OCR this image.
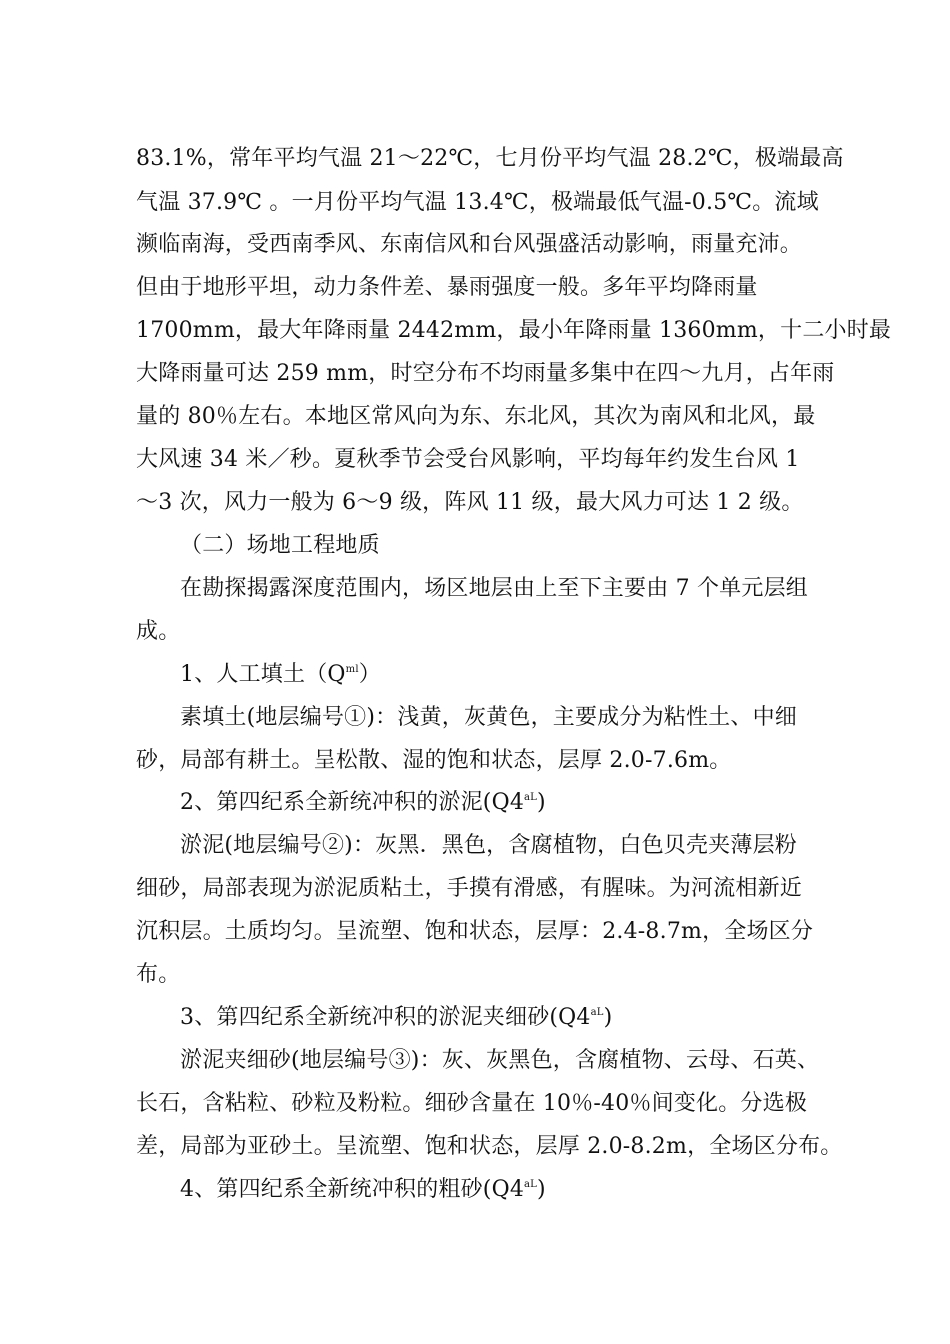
83.1%，常年平均气温 21～22℃，七月份平均气温 28.2℃，极端最高
气温 37.9℃ 。一月份平均气温 13.4℃，极端最低气温-0.5℃。流域
濒临南海，受西南季风、东南信风和台风强盛活动影响，雨量充沛。
但由于地形平坦，动力条件差、暴雨强度一般。多年平均降雨量
1700mm，最大年降雨量 2442mm，最小年降雨量 1360mm，十二小时最
大降雨量可达 259 mm，时空分布不均雨量多集中在四～九月，占年雨
量的 80％左右。本地区常风向为东、东北风，其次为南风和北风，最
大风速 34 米／秒。夏秋季节会受台风影响，平均每年约发生台风 1
～3 次，风力一般为 6～9 级，阵风 11 级，最大风力可达 1 2 级。
（二）场地工程地质
在勘探揭露深度范围内，场区地层由上至下主要由 7 个单元层组
成。
1、人工填土$(Q^{ml})$
素填土(地层编号①)：浅黄，灰黄色，主要成分为粘性土、中细
砂，局部有耕土。呈松散、湿的饱和状态，层厚 2.0-7.6m。
2、第四纪系全新统冲积的淤泥$(Q4^{aL})$
淤泥(地层编号②)：灰黑．黑色，含腐植物，白色贝壳夹薄层粉
细砂，局部表现为淤泥质粘土，手摸有滑感，有腥味。为河流相新近
沉积层。土质均匀。呈流塑、饱和状态，层厚：2.4-8.7m，全场区分
布。
3、第四纪系全新统冲积的淤泥夹细砂$(Q4^{aL})$
淤泥夹细砂(地层编号③)：灰、灰黑色，含腐植物、云母、石英、
长石，含粘粒、砂粒及粉粒。细砂含量在 10％-40％间变化。分选极
差，局部为亚砂土。呈流塑、饱和状态，层厚 2.0-8.2m，全场区分布。
4、第四纪系全新统冲积的粗砂$(Q4^{aL})$
